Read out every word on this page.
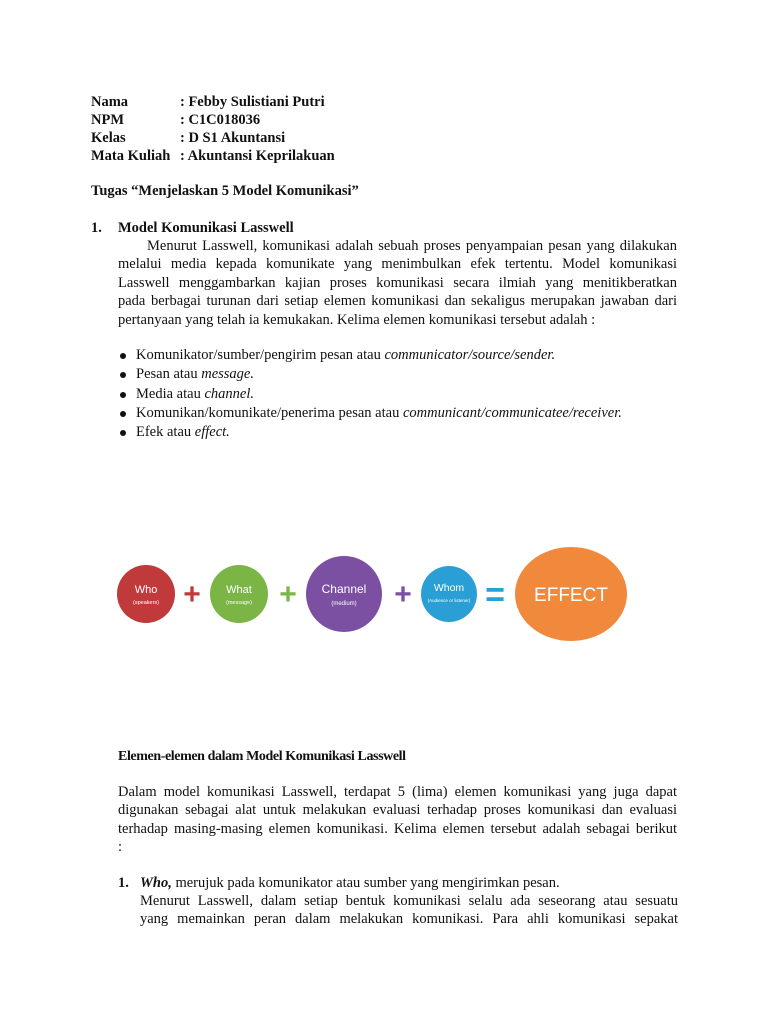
Nama	: Febby Sulistiani Putri
NPM	: C1C018036
Kelas	: D S1 Akuntansi
Mata Kuliah : Akuntansi Keprilakuan
Tugas “Menjelaskan 5 Model Komunikasi”
1. Model Komunikasi Lasswell
Menurut Lasswell, komunikasi adalah sebuah proses penyampaian pesan yang dilakukan
melalui media kepada komunikate yang menimbulkan efek tertentu. Model komunikasi
Lasswell menggambarkan kajian proses komunikasi secara ilmiah yang menitikberatkan
pada berbagai turunan dari setiap elemen komunikasi dan sekaligus merupakan jawaban dari
pertanyaan yang telah ia kemukakan. Kelima elemen komunikasi tersebut adalah :
Komunikator/sumber/pengirim pesan atau communicator/source/sender.
Pesan atau message.
Media atau channel.
Komunikan/komunikate/penerima pesan atau communicant/communicatee/receiver.
Efek atau effect.
Who
(speakers) + What
(message) + Channel
(medium) + Whom
(Audience or listener) = EFFECT
Elemen-elemen dalam Model Komunikasi Lasswell
Dalam model komunikasi Lasswell, terdapat 5 (lima) elemen komunikasi yang juga dapat
digunakan sebagai alat untuk melakukan evaluasi terhadap proses komunikasi dan evaluasi
terhadap masing-masing elemen komunikasi. Kelima elemen tersebut adalah sebagai berikut
:
1. Who, merujuk pada komunikator atau sumber yang mengirimkan pesan.
Menurut Lasswell, dalam setiap bentuk komunikasi selalu ada seseorang atau sesuatu
yang memainkan peran dalam melakukan komunikasi. Para ahli komunikasi sepakat
